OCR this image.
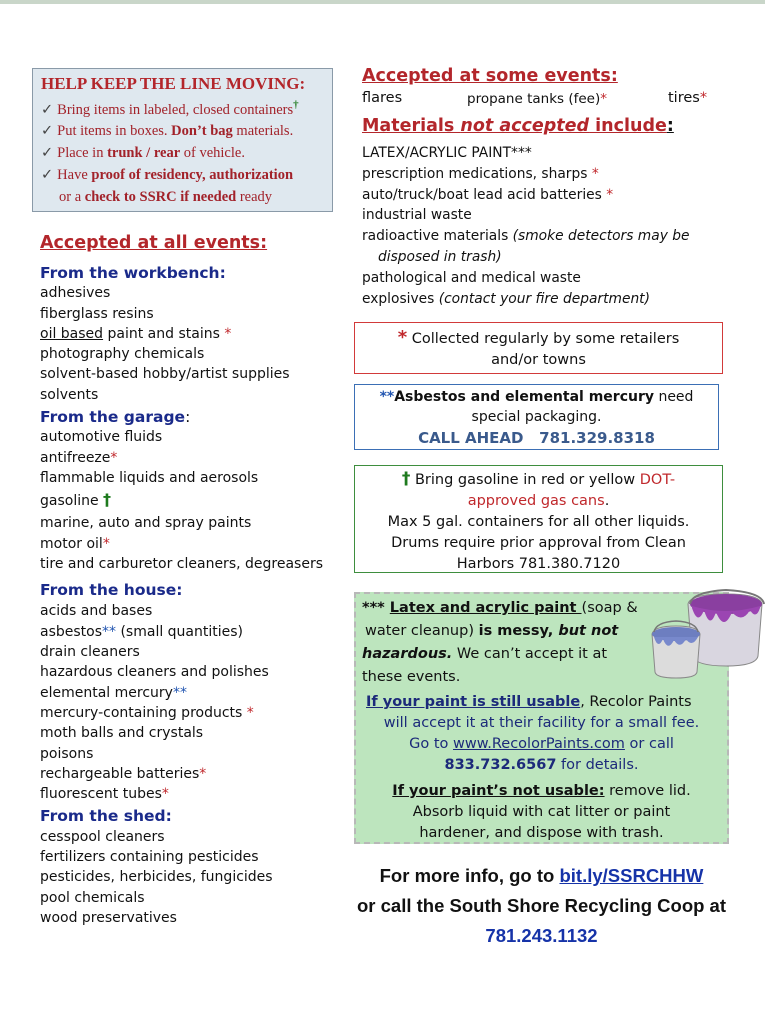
HELP KEEP THE LINE MOVING:
✓ Bring items in labeled, closed containers†
✓ Put items in boxes. Don’t bag materials.
✓ Place in trunk / rear of vehicle.
✓ Have proof of residency, authorization
or a check to SSRC if needed ready
Accepted at all events:
From the workbench:
adhesives
fiberglass resins
oil based paint and stains *
photography chemicals
solvent-based hobby/artist supplies
solvents
From the garage:
automotive fluids
antifreeze*
flammable liquids and aerosols
gasoline †
marine, auto and spray paints
motor oil*
tire and carburetor cleaners, degreasers
From the house:
acids and bases
asbestos** (small quantities)
drain cleaners
hazardous cleaners and polishes
elemental mercury**
mercury-containing products *
moth balls and crystals
poisons
rechargeable batteries*
fluorescent tubes*
From the shed:
cesspool cleaners
fertilizers containing pesticides
pesticides, herbicides, fungicides
pool chemicals
wood preservatives
Accepted at some events:
flares	propane tanks (fee)*	tires*
Materials not accepted include:
LATEX/ACRYLIC PAINT***
prescription medications, sharps *
auto/truck/boat lead acid batteries *
industrial waste
radioactive materials (smoke detectors may be
disposed in trash)
pathological and medical waste
explosives (contact your fire department)
* Collected regularly by some retailers
and/or towns
**Asbestos and elemental mercury need
special packaging.
CALL AHEAD   781.329.8318
† Bring gasoline in red or yellow DOT-
approved gas cans.
Max 5 gal. containers for all other liquids.
Drums require prior approval from Clean
Harbors 781.380.7120
*** Latex and acrylic paint (soap &
water cleanup) is messy, but not
hazardous. We can’t accept it at
these events.
If your paint is still usable, Recolor Paints
will accept it at their facility for a small fee.
Go to www.RecolorPaints.com or call
833.732.6567 for details.
If your paint’s not usable: remove lid.
Absorb liquid with cat litter or paint
hardener, and dispose with trash.
For more info, go to bit.ly/SSRCHHW
or call the South Shore Recycling Coop at
781.243.1132
